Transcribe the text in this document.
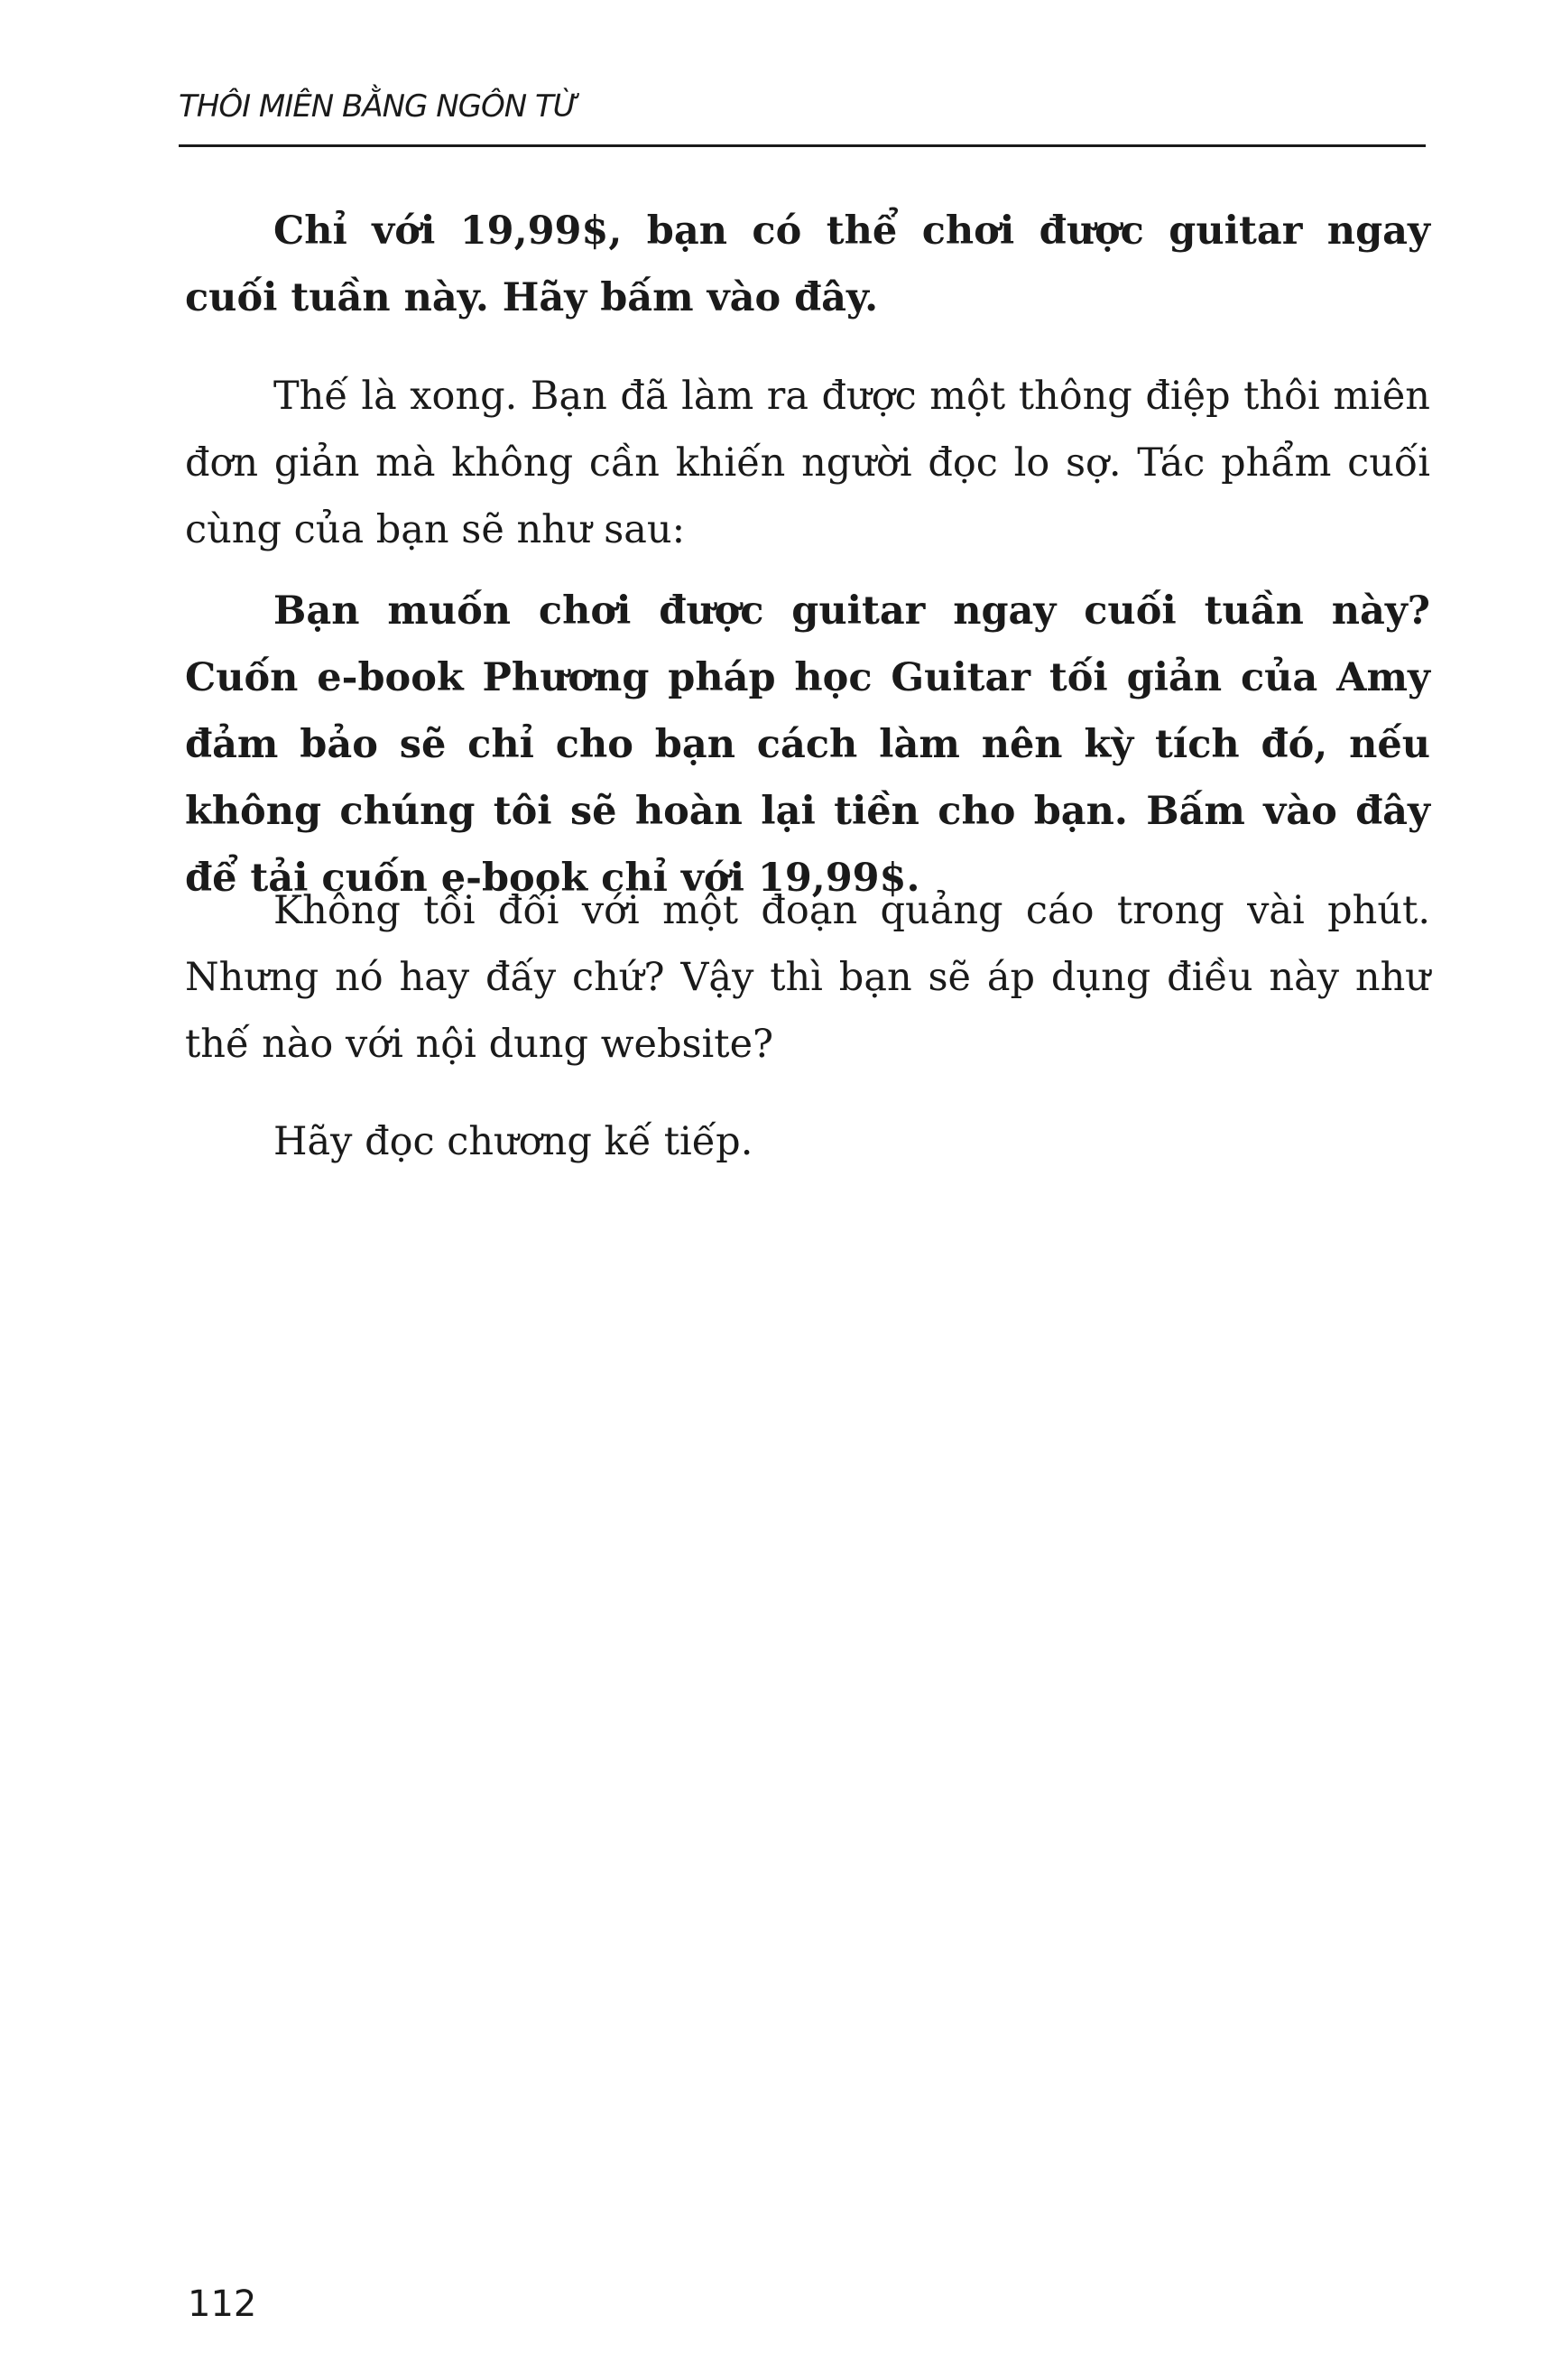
THÔI MIÊN BẰNG NGÔN TỪ

Chỉ với 19,99$, bạn có thể chơi được guitar ngay cuối tuần này. Hãy bấm vào đây.

Thế là xong. Bạn đã làm ra được một thông điệp thôi miên đơn giản mà không cần khiến người đọc lo sợ. Tác phẩm cuối cùng của bạn sẽ như sau:

Bạn muốn chơi được guitar ngay cuối tuần này? Cuốn e-book Phương pháp học Guitar tối giản của Amy đảm bảo sẽ chỉ cho bạn cách làm nên kỳ tích đó, nếu không chúng tôi sẽ hoàn lại tiền cho bạn. Bấm vào đây để tải cuốn e-book chỉ với 19,99$.

Không tồi đối với một đoạn quảng cáo trong vài phút. Nhưng nó hay đấy chứ? Vậy thì bạn sẽ áp dụng điều này như thế nào với nội dung website?

Hãy đọc chương kế tiếp.

112
